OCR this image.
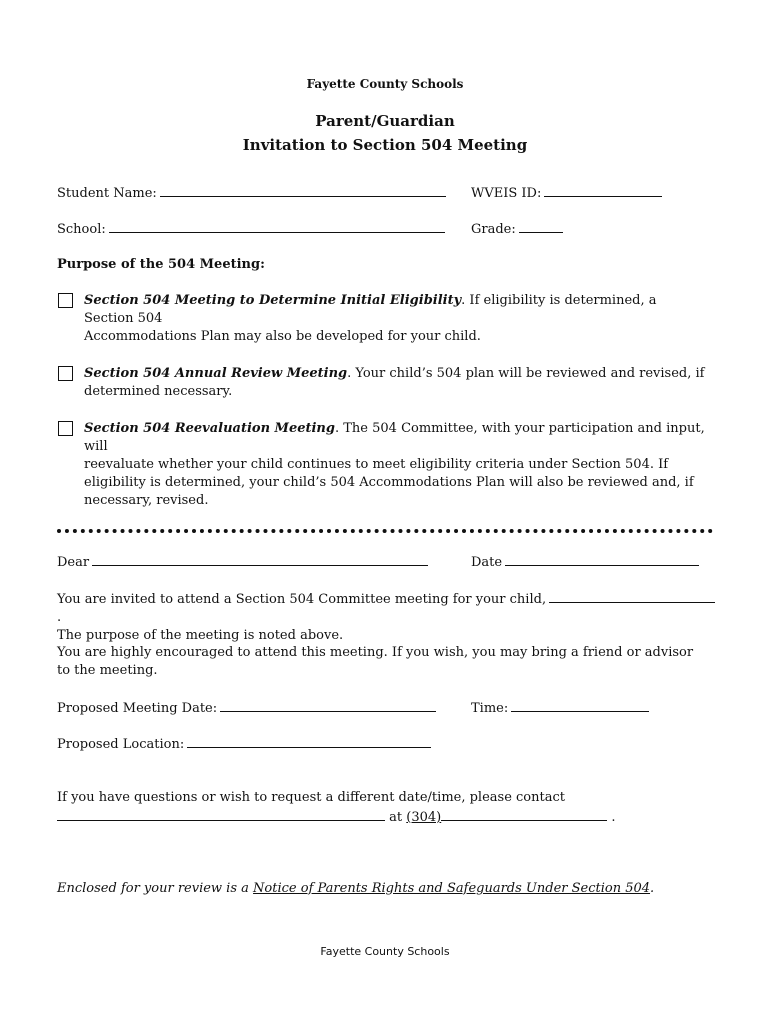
Fayette County Schools
Parent/Guardian
Invitation to Section 504 Meeting
Student Name:	WVEIS ID:
School:	Grade:
Purpose of the 504 Meeting:
Section 504 Meeting to Determine Initial Eligibility. If eligibility is determined, a Section 504
Accommodations Plan may also be developed for your child.
Section 504 Annual Review Meeting. Your child’s 504 plan will be reviewed and revised, if
determined necessary.
Section 504 Reevaluation Meeting. The 504 Committee, with your participation and input, will
reevaluate whether your child continues to meet eligibility criteria under Section 504. If eligibility is determined, your child’s 504 Accommodations Plan will also be reviewed and, if necessary, revised.
Dear	Date
You are invited to attend a Section 504 Committee meeting for your child,.
The purpose of the meeting is noted above.
You are highly encouraged to attend this meeting. If you wish, you may bring a friend or advisor to the meeting.
Proposed Meeting Date:	Time:
Proposed Location:
If you have questions or wish to request a different date/time, please contact
at (304)	.
Enclosed for your review is a Notice of Parents Rights and Safeguards Under Section 504.
Fayette County Schools
